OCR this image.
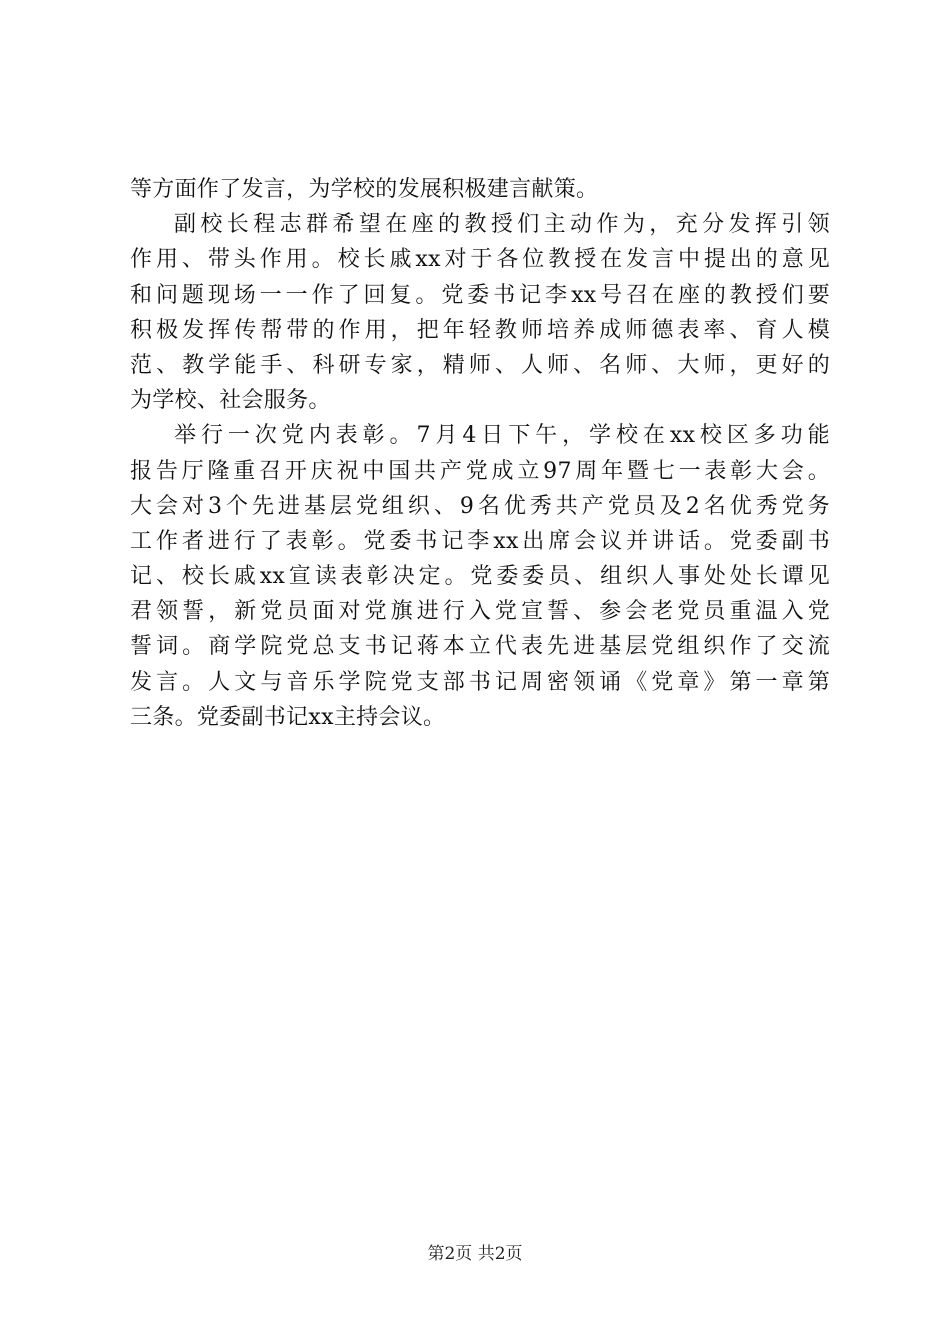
等方面作了发言，为学校的发展积极建言献策。
副校长程志群希望在座的教授们主动作为，充分发挥引领
作用、带头作用。校长戚xx对于各位教授在发言中提出的意见
和问题现场一一作了回复。党委书记李xx号召在座的教授们要
积极发挥传帮带的作用，把年轻教师培养成师德表率、育人模
范、教学能手、科研专家，精师、人师、名师、大师，更好的
为学校、社会服务。
举行一次党内表彰。7月4日下午，学校在xx校区多功能
报告厅隆重召开庆祝中国共产党成立97周年暨七一表彰大会。
大会对3个先进基层党组织、9名优秀共产党员及2名优秀党务
工作者进行了表彰。党委书记李xx出席会议并讲话。党委副书
记、校长戚xx宣读表彰决定。党委委员、组织人事处处长谭见
君领誓，新党员面对党旗进行入党宣誓、参会老党员重温入党
誓词。商学院党总支书记蒋本立代表先进基层党组织作了交流
发言。人文与音乐学院党支部书记周密领诵《党章》第一章第
三条。党委副书记xx主持会议。
第2页 共2页
